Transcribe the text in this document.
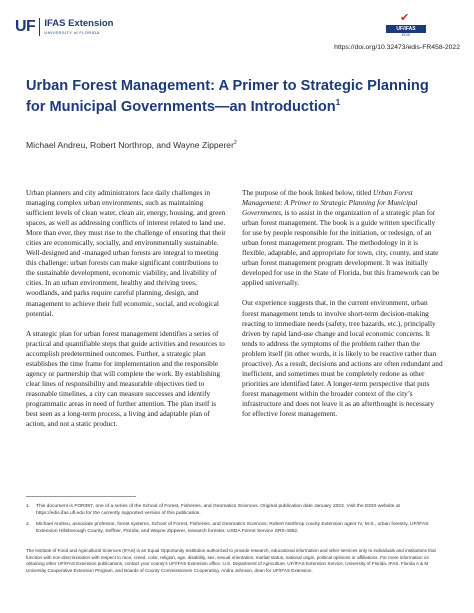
UF IFAS Extension
UNIVERSITY of FLORIDA
✔
UF/IFAS
EDIS
https://doi.org/10.32473/edis-FR458-2022
Urban Forest Management: A Primer to Strategic Planning for Municipal Governments—an Introduction$^1$
Michael Andreu, Robert Northrop, and Wayne Zipperer$^2$

Urban planners and city administrators face daily challenges in managing complex urban environments, such as maintaining sufficient levels of clean water, clean air, energy, housing, and green spaces, as well as addressing conflicts of interest related to land use. More than ever, they must rise to the challenge of ensuring that their cities are economically, socially, and environmentally sustainable. Well-designed and -managed urban forests are integral to meeting this challenge: urban forests can make significant contributions to the sustainable development, economic viability, and livability of cities. In an urban environment, healthy and thriving trees, woodlands, and parks require careful planning, design, and management to achieve their full economic, social, and ecological potential.

A strategic plan for urban forest management identifies a series of practical and quantifiable steps that guide activities and resources to accomplish predetermined outcomes. Further, a strategic plan establishes the time frame for implementation and the responsible agency or partnership that will complete the work. By establishing clear lines of responsibility and measurable objectives tied to reasonable timelines, a city can measure successes and identify programmatic areas in need of further attention. The plan itself is best seen as a long-term process, a living and adaptable plan of action, and not a static product.

The purpose of the book linked below, titled Urban Forest Management: A Primer to Strategic Planning for Municipal Governments, is to assist in the organization of a strategic plan for urban forest management. The book is a guide written specifically for use by people responsible for the initiation, or redesign, of an urban forest management program. The methodology in it is flexible, adaptable, and appropriate for town, city, county, and state urban forest management program development. It was initially developed for use in the State of Florida, but this framework can be applied universally.

Our experience suggests that, in the current environment, urban forest management tends to involve short-term decision-making reacting to immediate needs (safety, tree hazards, etc.), principally driven by rapid land-use change and local economic concerns. It tends to address the symptoms of the problem rather than the problem itself (in other words, it is likely to be reactive rather than proactive). As a result, decisions and actions are often redundant and inefficient, and sometimes must be completely redone as other priorities are identified later. A longer-term perspective that puts forest management within the broader context of the city’s infrastructure and does not leave it as an afterthought is necessary for effective forest management.

1.	This document is FOR387, one of a series of the School of Forest, Fisheries, and Geomatics Sciences. Original publication date January 2023. Visit the EDIS website at https://edis.ifas.ufl.edu for the currently supported version of this publication.
2.	Michael Andreu, associate professor, forest systems, School of Forest, Fisheries, and Geomatics Sciences; Robert Northrop county Extension agent IV, M.S., urban forestry, UF/IFAS Extension Hillsborough County, Seffner, Florida; and Wayne Zipperer, research forester, USDA Forest Service SRS-4952.
The Institute of Food and Agricultural Sciences (IFAS) is an Equal Opportunity Institution authorized to provide research, educational information and other services only to individuals and institutions that function with non-discrimination with respect to race, creed, color, religion, age, disability, sex, sexual orientation, marital status, national origin, political opinions or affiliations. For more information on obtaining other UF/IFAS Extension publications, contact your county’s UF/IFAS Extension office. U.S. Department of Agriculture, UF/IFAS Extension Service, University of Florida, IFAS, Florida A & M University Cooperative Extension Program, and Boards of County Commissioners Cooperating. Andra Johnson, dean for UF/IFAS Extension.
